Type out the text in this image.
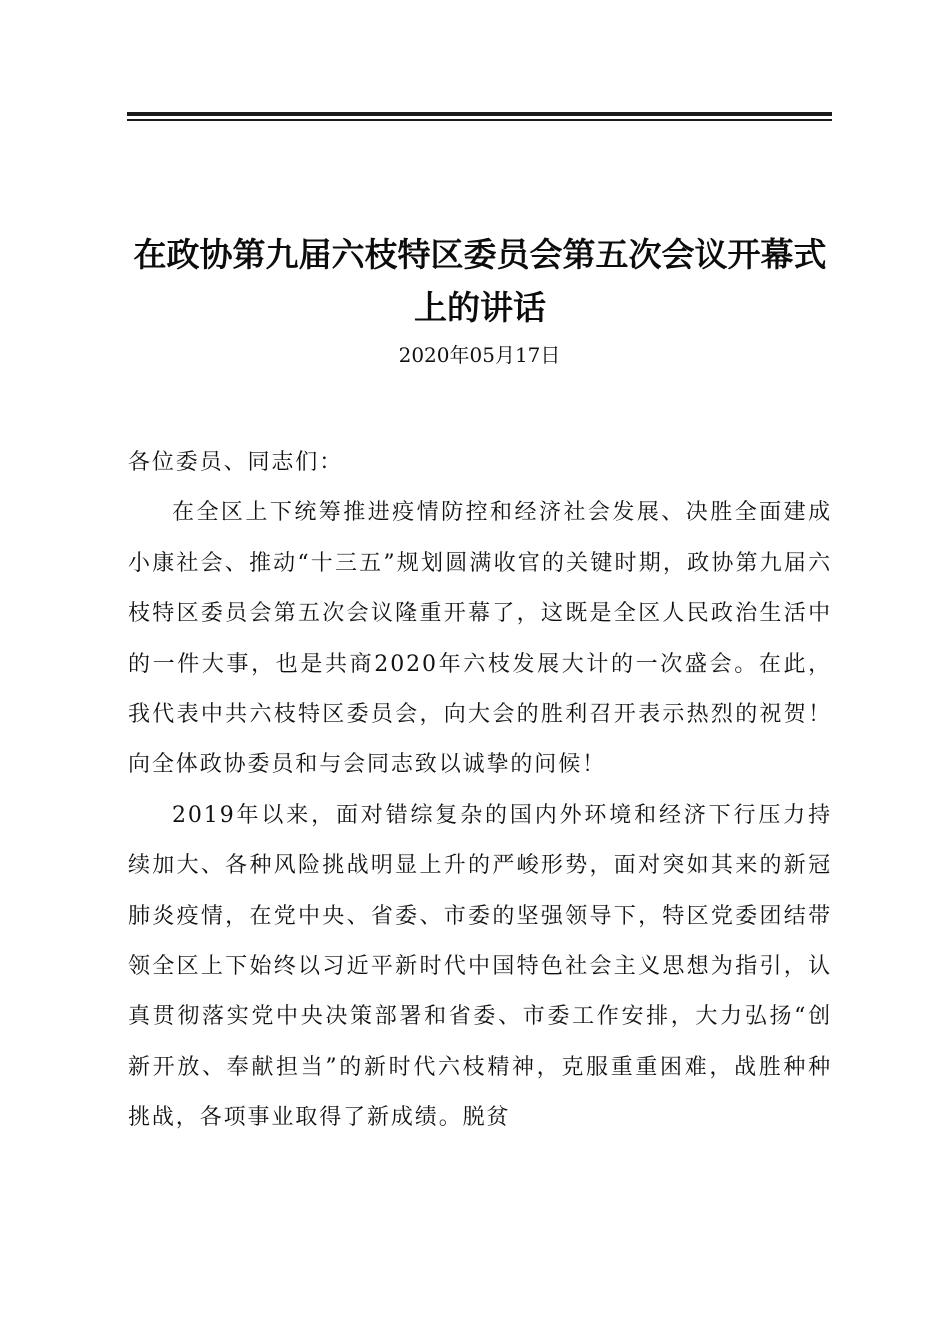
在政协第九届六枝特区委员会第五次会议开幕式上的讲话
2020年05月17日

各位委员、同志们：

在全区上下统筹推进疫情防控和经济社会发展、决胜全面建成小康社会、推动“十三五”规划圆满收官的关键时期，政协第九届六枝特区委员会第五次会议隆重开幕了，这既是全区人民政治生活中的一件大事，也是共商2020年六枝发展大计的一次盛会。在此，我代表中共六枝特区委员会，向大会的胜利召开表示热烈的祝贺！向全体政协委员和与会同志致以诚挚的问候！

2019年以来，面对错综复杂的国内外环境和经济下行压力持续加大、各种风险挑战明显上升的严峻形势，面对突如其来的新冠肺炎疫情，在党中央、省委、市委的坚强领导下，特区党委团结带领全区上下始终以习近平新时代中国特色社会主义思想为指引，认真贯彻落实党中央决策部署和省委、市委工作安排，大力弘扬“创新开放、奉献担当”的新时代六枝精神，克服重重困难，战胜种种挑战，各项事业取得了新成绩。脱贫
